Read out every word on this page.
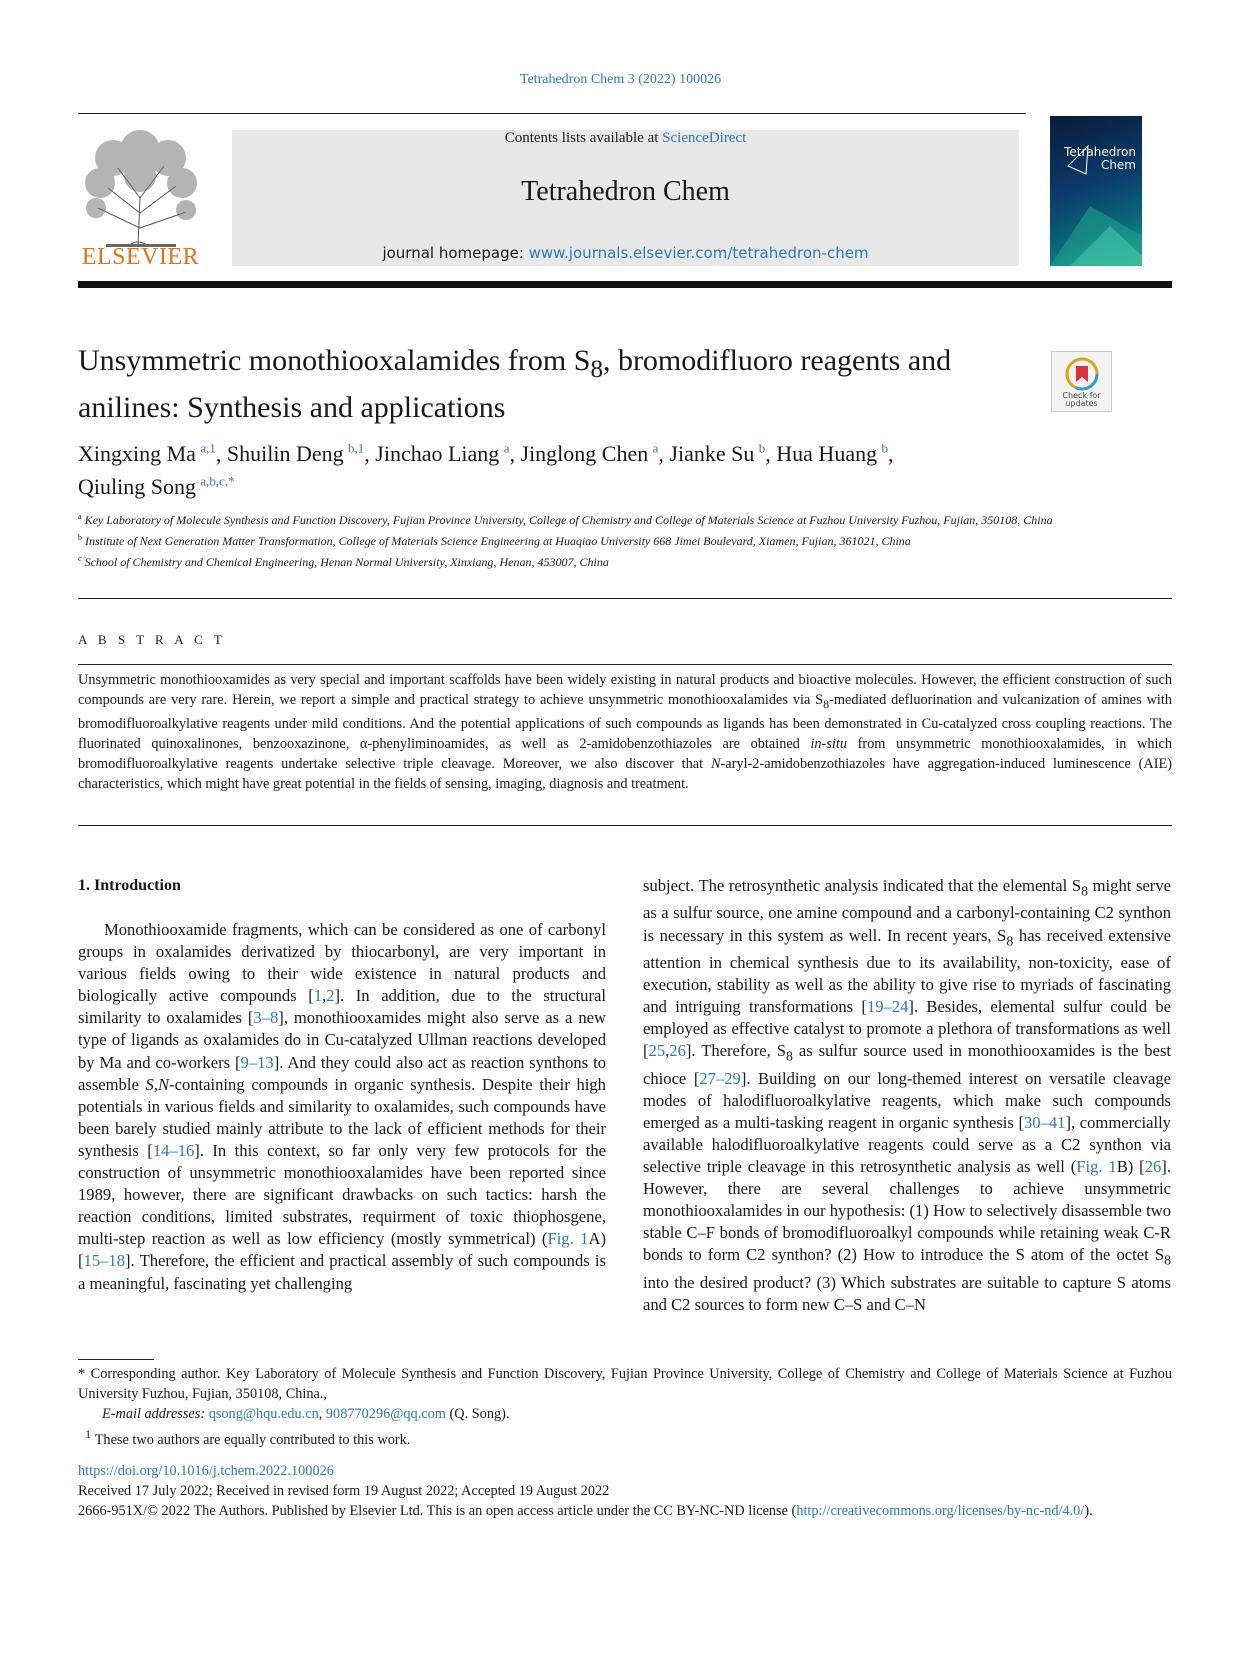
Tetrahedron Chem 3 (2022) 100026
ELSEVIER
Contents lists available at ScienceDirect
Tetrahedron Chem
journal homepage: www.journals.elsevier.com/tetrahedron-chem
Tetrahedron Chem
Unsymmetric monothiooxalamides from $S_8$, bromodifluoro reagents and anilines: Synthesis and applications	Check for updates
Xingxing Ma  $^{a,1}$, Shuilin Deng  $^{b,1}$, Jinchao Liang  $^a$, Jinglong Chen  $^a$, Jianke Su  $^b$, Hua Huang  $^b$,
Qiuling Song  $^{a,b,c,*}$
$^a$ Key Laboratory of Molecule Synthesis and Function Discovery, Fujian Province University, College of Chemistry and College of Materials Science at Fuzhou University Fuzhou, Fujian, 350108, China
$^b$ Institute of Next Generation Matter Transformation, College of Materials Science Engineering at Huaqiao University 668 Jimei Boulevard, Xiamen, Fujian, 361021, China
$^c$ School of Chemistry and Chemical Engineering, Henan Normal University, Xinxiang, Henan, 453007, China
A B S T R A C T

Unsymmetric monothiooxamides as very special and important scaffolds have been widely existing in natural products and bioactive molecules. However, the efficient construction of such compounds are very rare. Herein, we report a simple and practical strategy to achieve unsymmetric monothiooxalamides via $S_8$-mediated defluorination and vulcanization of amines with bromodifluoroalkylative reagents under mild conditions. And the potential applications of such compounds as ligands has been demonstrated in Cu-catalyzed cross coupling reactions. The fluorinated quinoxalinones, benzooxazinone, α-phenyliminoamides, as well as 2-amidobenzothiazoles are obtained in-situ from unsymmetric monothiooxalamides, in which bromodifluoroalkylative reagents undertake selective triple cleavage. Moreover, we also discover that N-aryl-2-amidobenzothiazoles have aggregation-induced luminescence (AIE) characteristics, which might have great potential in the fields of sensing, imaging, diagnosis and treatment.

1. Introduction

Monothiooxamide fragments, which can be considered as one of carbonyl groups in oxalamides derivatized by thiocarbonyl, are very important in various fields owing to their wide existence in natural products and biologically active compounds [1,2]. In addition, due to the structural similarity to oxalamides [3–8], monothiooxamides might also serve as a new type of ligands as oxalamides do in Cu-catalyzed Ullman reactions developed by Ma and co-workers [9–13]. And they could also act as reaction synthons to assemble S,N-containing compounds in organic synthesis. Despite their high potentials in various fields and similarity to oxalamides, such compounds have been barely studied mainly attribute to the lack of efficient methods for their synthesis [14–16]. In this context, so far only very few protocols for the construction of unsymmetric monothiooxalamides have been reported since 1989, however, there are significant drawbacks on such tactics: harsh the reaction conditions, limited substrates, requirment of toxic thiophosgene, multi-step reaction as well as low efficiency (mostly symmetrical) (Fig. 1A) [15–18]. Therefore, the efficient and practical assembly of such compounds is a meaningful, fascinating yet challenging

subject. The retrosynthetic analysis indicated that the elemental $S_8$ might serve as a sulfur source, one amine compound and a carbonyl-containing C2 synthon is necessary in this system as well. In recent years, $S_8$ has received extensive attention in chemical synthesis due to its availability, non-toxicity, ease of execution, stability as well as the ability to give rise to myriads of fascinating and intriguing transformations [19–24]. Besides, elemental sulfur could be employed as effective catalyst to promote a plethora of transformations as well [25,26]. Therefore, $S_8$ as sulfur source used in monothiooxamides is the best chioce [27–29]. Building on our long-themed interest on versatile cleavage modes of halodifluoroalkylative reagents, which make such compounds emerged as a multi-tasking reagent in organic synthesis [30–41], commercially available halodifluoroalkylative reagents could serve as a C2 synthon via selective triple cleavage in this retrosynthetic analysis as well (Fig. 1B) [26]. However, there are several challenges to achieve unsymmetric monothiooxalamides in our hypothesis: (1) How to selectively disassemble two stable C–F bonds of bromodifluoroalkyl compounds while retaining weak C-R bonds to form C2 synthon? (2) How to introduce the S atom of the octet $S_8$ into the desired product? (3) Which substrates are suitable to capture S atoms and C2 sources to form new C–S and C–N

* Corresponding author. Key Laboratory of Molecule Synthesis and Function Discovery, Fujian Province University, College of Chemistry and College of Materials Science at Fuzhou University Fuzhou, Fujian, 350108, China.,

E-mail addresses: qsong@hqu.edu.cn, 908770296@qq.com (Q. Song).

$^1$ These two authors are equally contributed to this work.

https://doi.org/10.1016/j.tchem.2022.100026

Received 17 July 2022; Received in revised form 19 August 2022; Accepted 19 August 2022

2666-951X/© 2022 The Authors. Published by Elsevier Ltd. This is an open access article under the CC BY-NC-ND license (http://creativecommons.org/licenses/by-nc-nd/4.0/).
